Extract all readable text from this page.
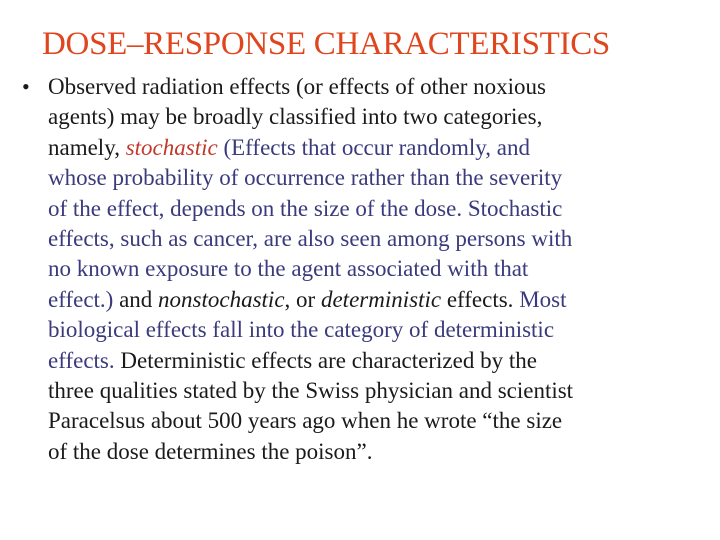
DOSE–RESPONSE CHARACTERISTICS
• Observed radiation effects (or effects of other noxious
agents) may be broadly classified into two categories,
namely, stochastic (Effects that occur randomly, and
whose probability of occurrence rather than the severity
of the effect, depends on the size of the dose. Stochastic
effects, such as cancer, are also seen among persons with
no known exposure to the agent associated with that
effect.) and nonstochastic, or deterministic effects. Most
biological effects fall into the category of deterministic
effects. Deterministic effects are characterized by the
three qualities stated by the Swiss physician and scientist
Paracelsus about 500 years ago when he wrote “the size
of the dose determines the poison”.
